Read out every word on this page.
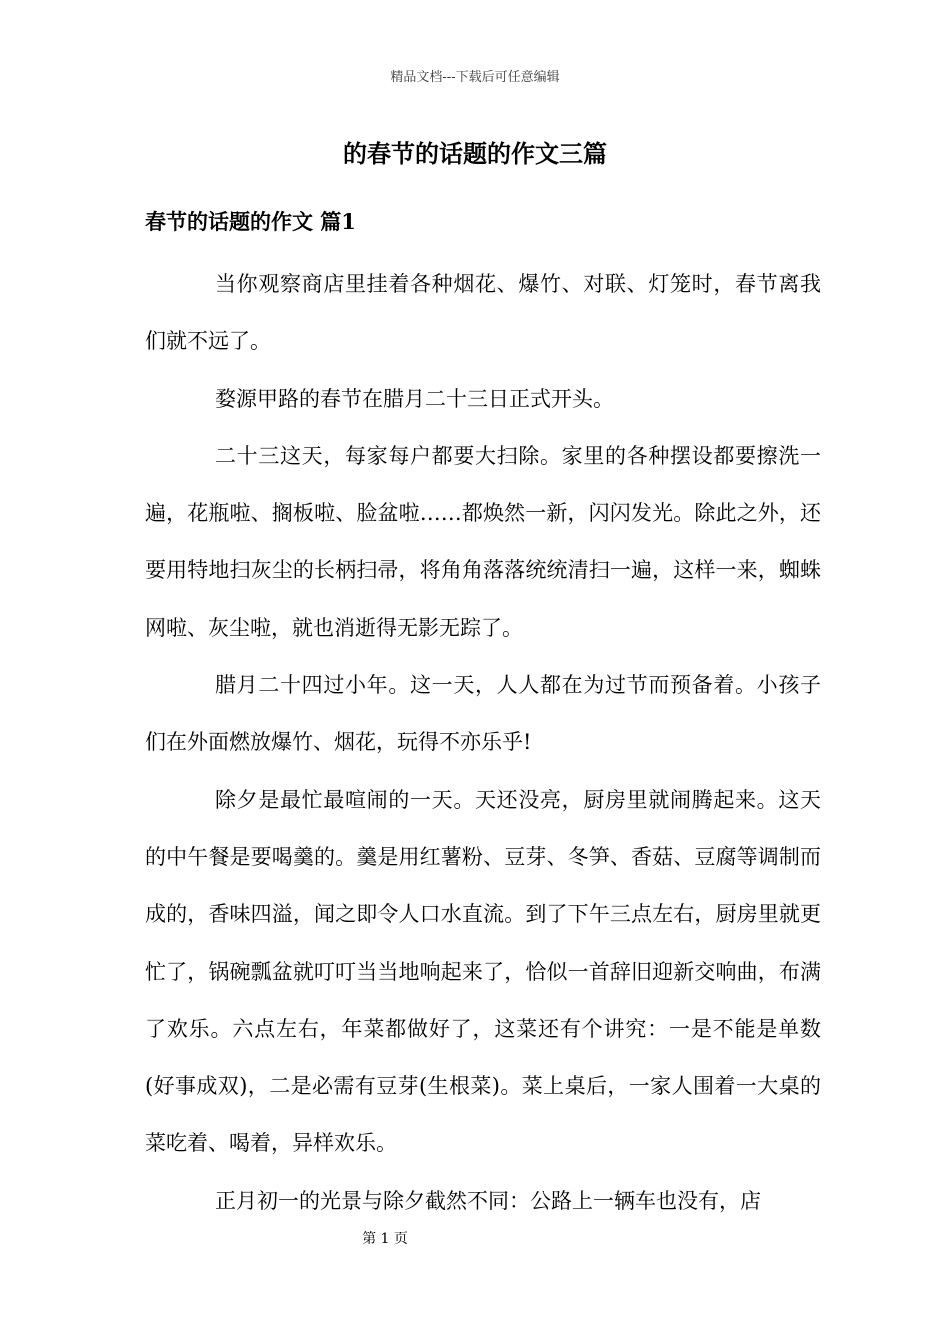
精品文档---下载后可任意编辑
的春节的话题的作文三篇
春节的话题的作文 篇1

当你观察商店里挂着各种烟花、爆竹、对联、灯笼时，春节离我们就不远了。

婺源甲路的春节在腊月二十三日正式开头。

二十三这天，每家每户都要大扫除。家里的各种摆设都要擦洗一遍，花瓶啦、搁板啦、脸盆啦……都焕然一新，闪闪发光。除此之外，还要用特地扫灰尘的长柄扫帚，将角角落落统统清扫一遍，这样一来，蜘蛛网啦、灰尘啦，就也消逝得无影无踪了。

腊月二十四过小年。这一天，人人都在为过节而预备着。小孩子们在外面燃放爆竹、烟花，玩得不亦乐乎!

除夕是最忙最喧闹的一天。天还没亮，厨房里就闹腾起来。这天的中午餐是要喝羹的。羹是用红薯粉、豆芽、冬笋、香菇、豆腐等调制而成的，香味四溢，闻之即令人口水直流。到了下午三点左右，厨房里就更忙了，锅碗瓢盆就叮叮当当地响起来了，恰似一首辞旧迎新交响曲，布满了欢乐。六点左右，年菜都做好了，这菜还有个讲究：一是不能是单数(好事成双)，二是必需有豆芽(生根菜)。菜上桌后，一家人围着一大桌的菜吃着、喝着，异样欢乐。

正月初一的光景与除夕截然不同：公路上一辆车也没有，店

第 1 页
